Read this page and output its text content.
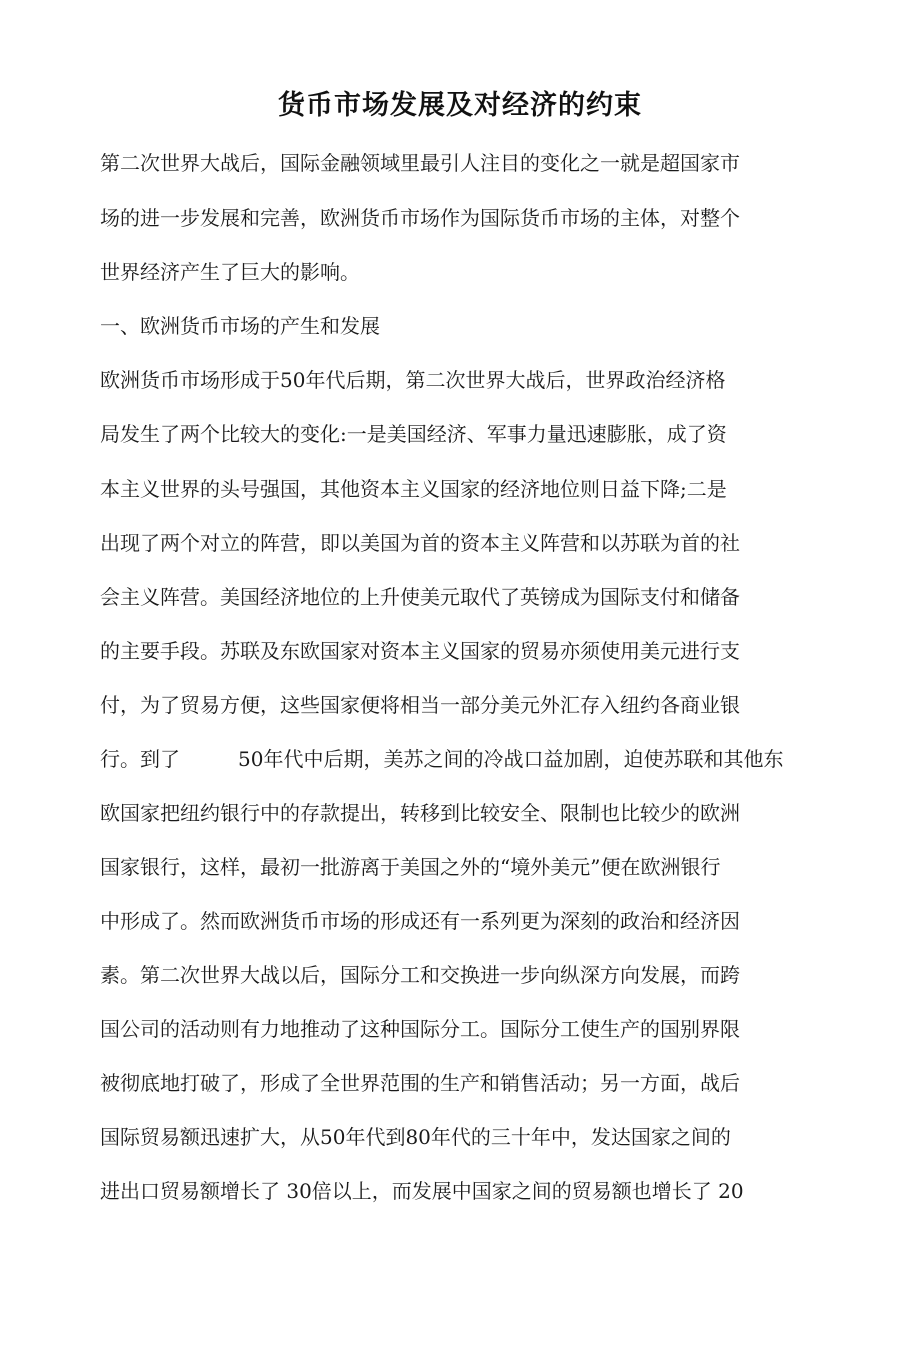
货币市场发展及对经济的约束
第二次世界大战后，国际金融领域里最引人注目的变化之一就是超国家市
场的进一步发展和完善，欧洲货币市场作为国际货币市场的主体，对整个
世界经济产生了巨大的影响。
一、欧洲货币市场的产生和发展
欧洲货币市场形成于50年代后期，第二次世界大战后，世界政治经济格
局发生了两个比较大的变化:一是美国经济、军事力量迅速膨胀，成了资
本主义世界的头号强国，其他资本主义国家的经济地位则日益下降;二是
出现了两个对立的阵营，即以美国为首的资本主义阵营和以苏联为首的社
会主义阵营。美国经济地位的上升使美元取代了英镑成为国际支付和储备
的主要手段。苏联及东欧国家对资本主义国家的贸易亦须使用美元进行支
付，为了贸易方便，这些国家便将相当一部分美元外汇存入纽约各商业银
行。到了	50年代中后期，美苏之间的冷战口益加剧，迫使苏联和其他东
欧国家把纽约银行中的存款提出，转移到比较安全、限制也比较少的欧洲
国家银行，这样，最初一批游离于美国之外的“境外美元”便在欧洲银行
中形成了。然而欧洲货币市场的形成还有一系列更为深刻的政治和经济因
素。第二次世界大战以后，国际分工和交换进一步向纵深方向发展，而跨
国公司的活动则有力地推动了这种国际分工。国际分工使生产的国别界限
被彻底地打破了，形成了全世界范围的生产和销售活动；另一方面，战后
国际贸易额迅速扩大，从50年代到80年代的三十年中，发达国家之间的
进出口贸易额增长了 30倍以上，而发展中国家之间的贸易额也增长了 20
